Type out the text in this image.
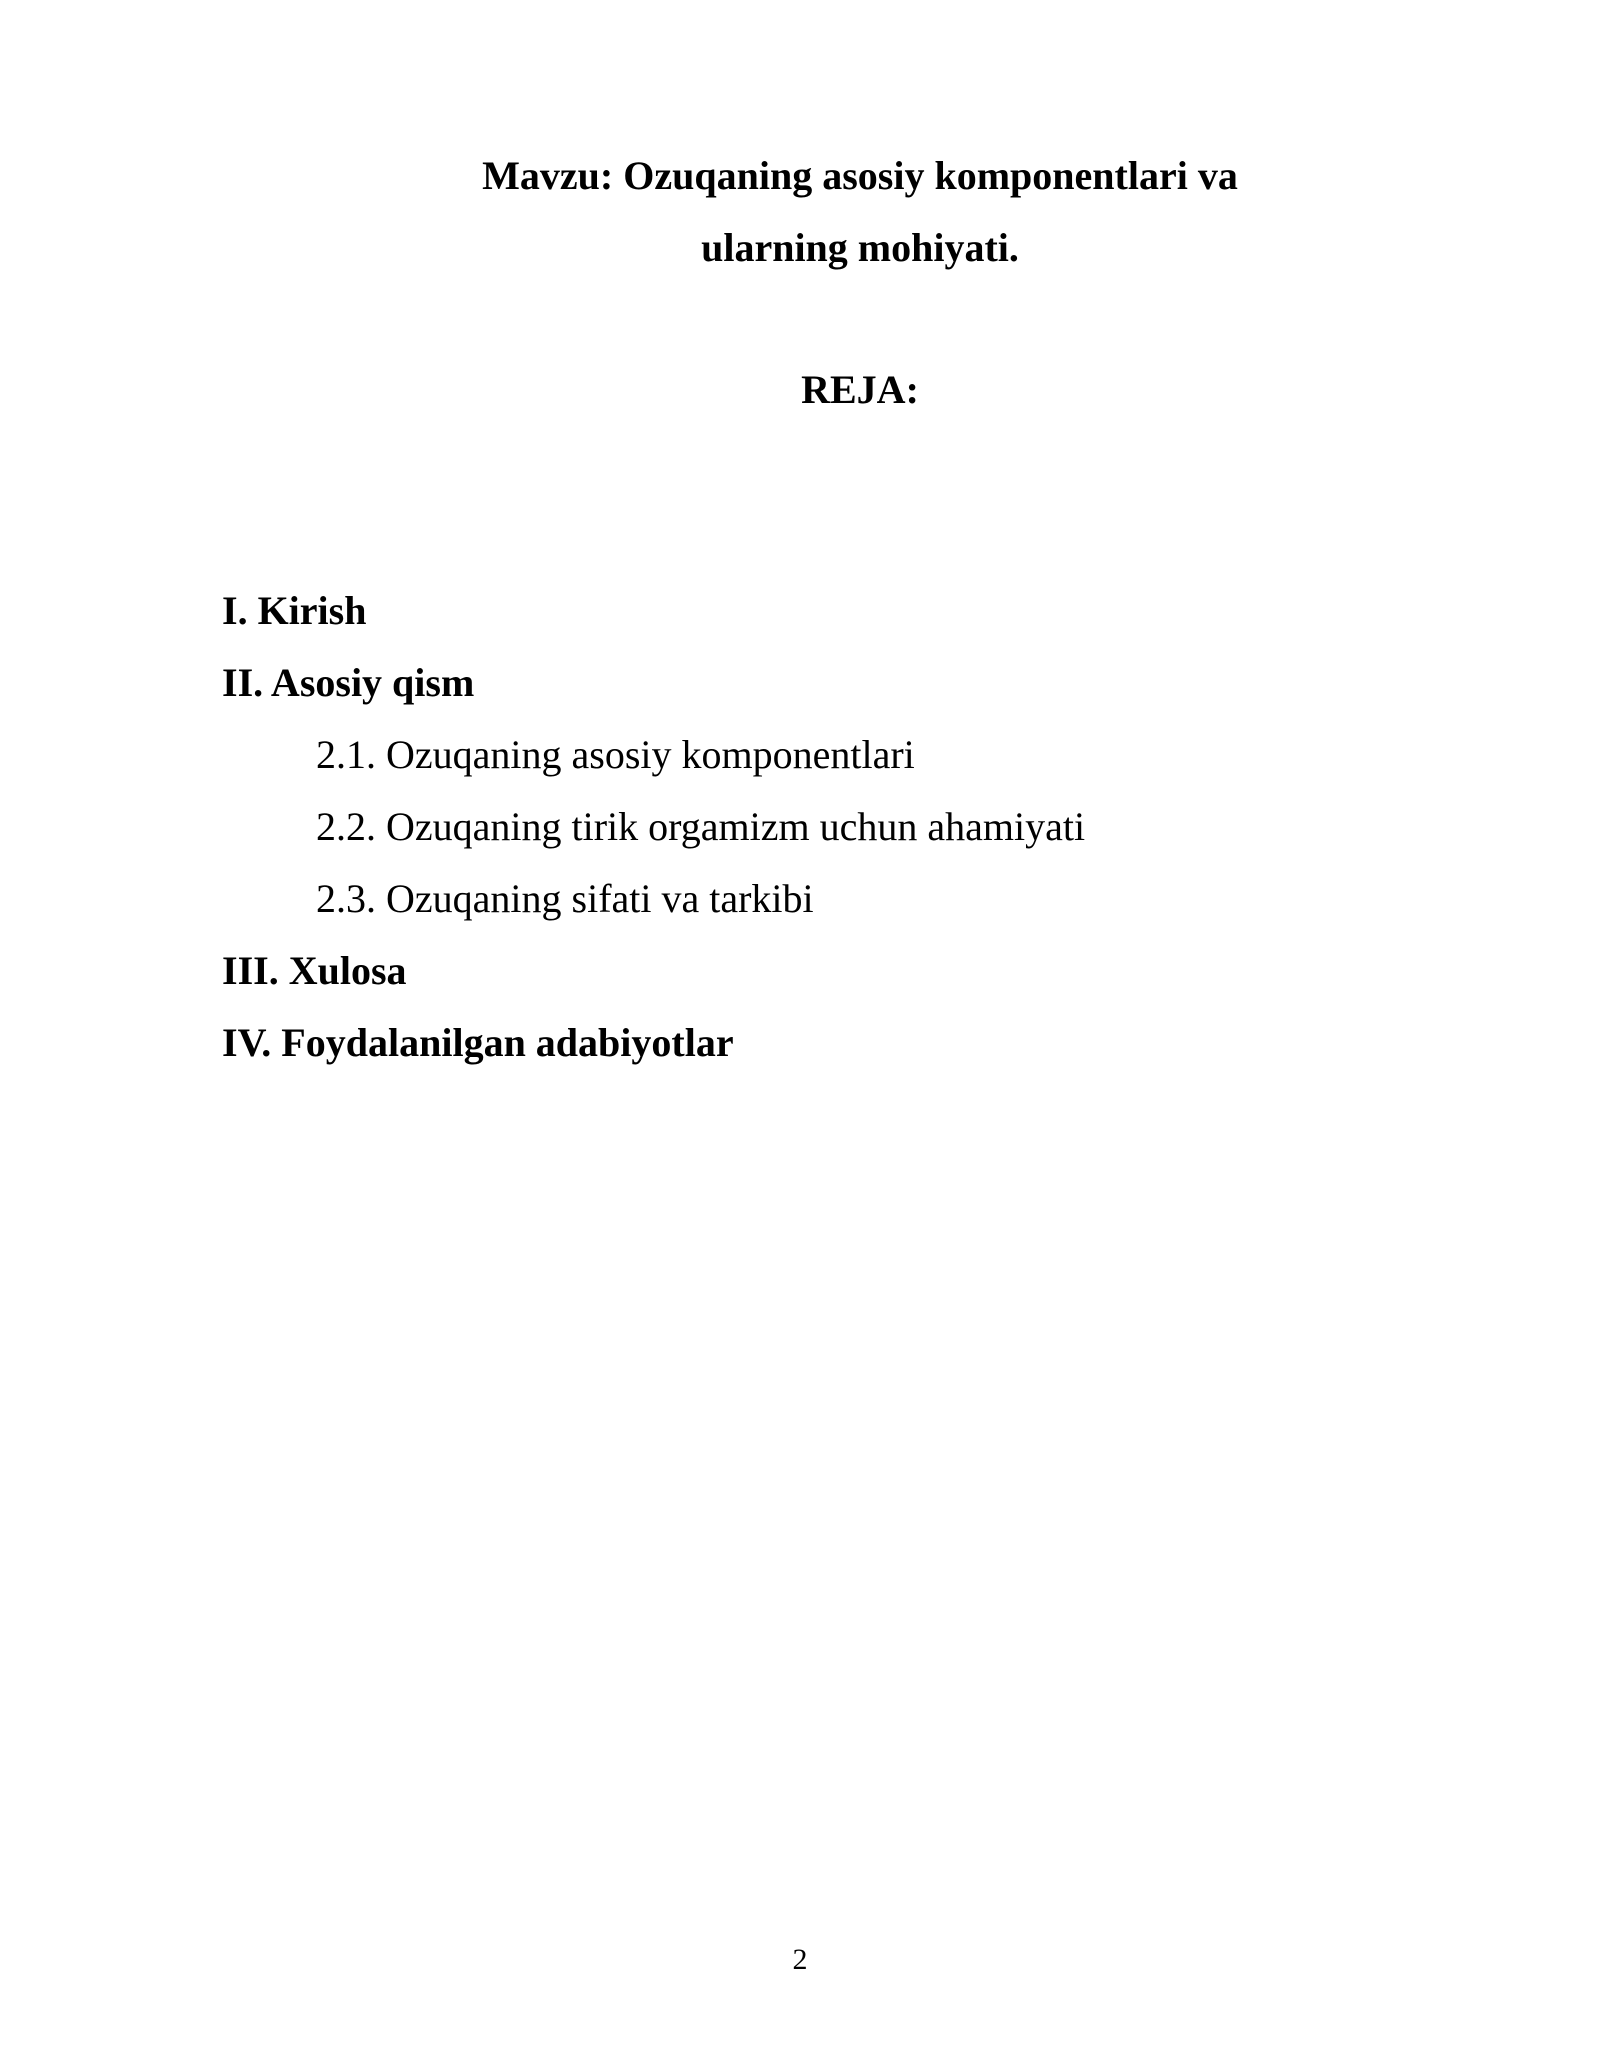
Mavzu: Ozuqaning asosiy komponentlari va
ularning mohiyati.
REJA:
I. Kirish
II. Asosiy qism
2.1. Ozuqaning asosiy komponentlari
2.2. Ozuqaning tirik orgamizm uchun ahamiyati
2.3. Ozuqaning sifati va tarkibi
III. Xulosa
IV. Foydalanilgan adabiyotlar
2
